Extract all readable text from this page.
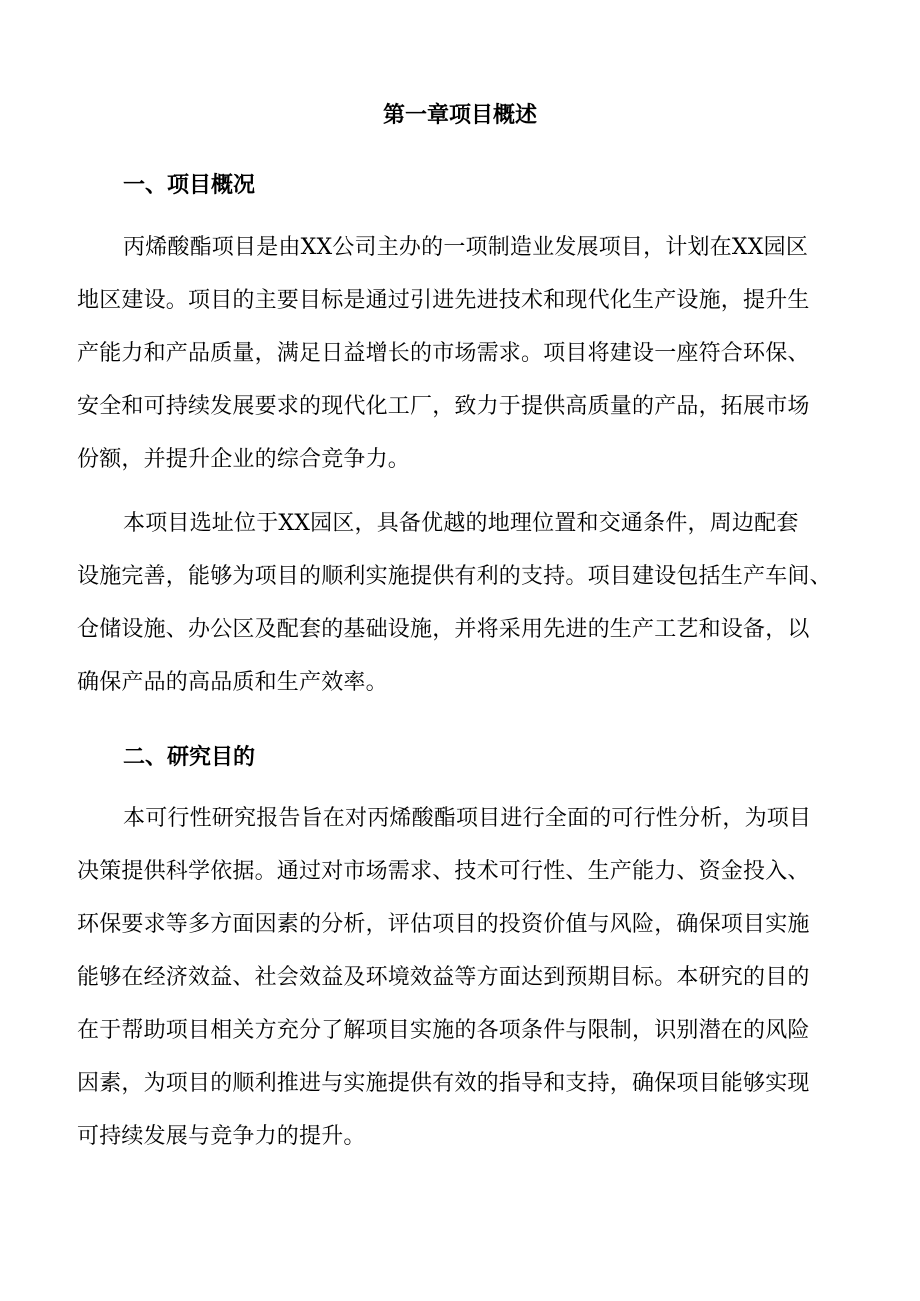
第一章项目概述
一、项目概况

丙烯酸酯项目是由XX公司主办的一项制造业发展项目，计划在XX园区
地区建设。项目的主要目标是通过引进先进技术和现代化生产设施，提升生
产能力和产品质量，满足日益增长的市场需求。项目将建设一座符合环保、
安全和可持续发展要求的现代化工厂，致力于提供高质量的产品，拓展市场
份额，并提升企业的综合竞争力。

本项目选址位于XX园区，具备优越的地理位置和交通条件，周边配套
设施完善，能够为项目的顺利实施提供有利的支持。项目建设包括生产车间、
仓储设施、办公区及配套的基础设施，并将采用先进的生产工艺和设备，以
确保产品的高品质和生产效率。

二、研究目的

本可行性研究报告旨在对丙烯酸酯项目进行全面的可行性分析，为项目
决策提供科学依据。通过对市场需求、技术可行性、生产能力、资金投入、
环保要求等多方面因素的分析，评估项目的投资价值与风险，确保项目实施
能够在经济效益、社会效益及环境效益等方面达到预期目标。本研究的目的
在于帮助项目相关方充分了解项目实施的各项条件与限制，识别潜在的风险
因素，为项目的顺利推进与实施提供有效的指导和支持，确保项目能够实现
可持续发展与竞争力的提升。
